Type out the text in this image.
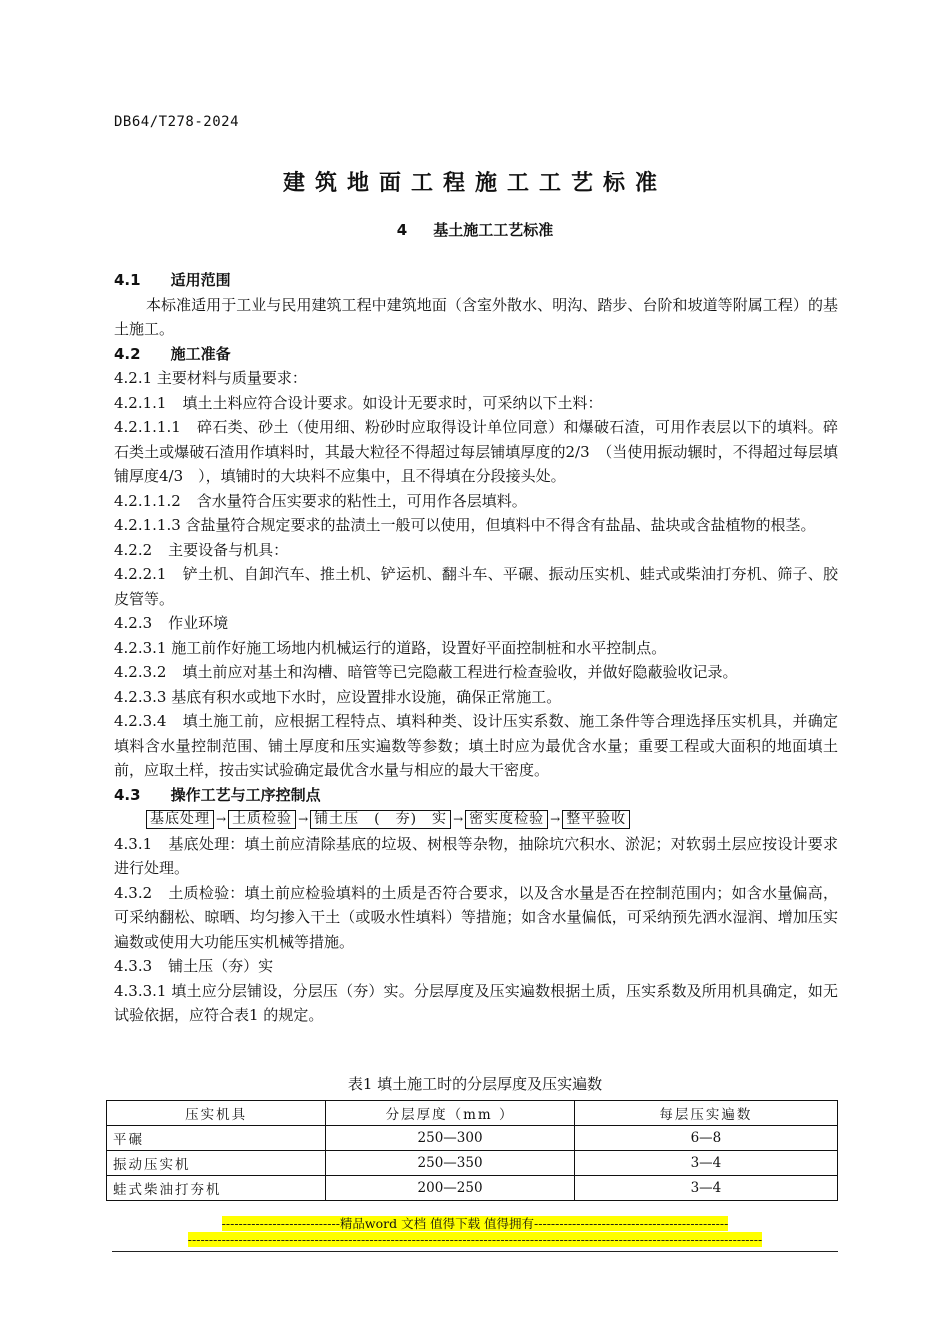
DB64/T278-2024
建筑地面工程施工工艺标准
4 基土施工工艺标准

4.1 适用范围

本标准适用于工业与民用建筑工程中建筑地面（含室外散水、明沟、踏步、台阶和坡道等附属工程）的基土施工。

4.2 施工准备

4.2.1 主要材料与质量要求：

4.2.1.1 填土土料应符合设计要求。如设计无要求时，可采纳以下土料：

4.2.1.1.1 碎石类、砂土（使用细、粉砂时应取得设计单位同意）和爆破石渣，可用作表层以下的填料。碎石类土或爆破石渣用作填料时，其最大粒径不得超过每层铺填厚度的2/3　（当使用振动辗时，不得超过每层填铺厚度4/3　），填铺时的大块料不应集中，且不得填在分段接头处。

4.2.1.1.2 含水量符合压实要求的粘性土，可用作各层填料。

4.2.1.1.3 含盐量符合规定要求的盐渍土一般可以使用，但填料中不得含有盐晶、盐块或含盐植物的根茎。

4.2.2 主要设备与机具：

4.2.2.1 铲土机、自卸汽车、推土机、铲运机、翻斗车、平碾、振动压实机、蛙式或柴油打夯机、筛子、胶皮管等。

4.2.3 作业环境

4.2.3.1 施工前作好施工场地内机械运行的道路，设置好平面控制桩和水平控制点。

4.2.3.2 填土前应对基土和沟槽、暗管等已完隐蔽工程进行检查验收，并做好隐蔽验收记录。

4.2.3.3 基底有积水或地下水时，应设置排水设施，确保正常施工。

4.2.3.4 填土施工前，应根据工程特点、填料种类、设计压实系数、施工条件等合理选择压实机具，并确定填料含水量控制范围、铺土厚度和压实遍数等参数；填土时应为最优含水量；重要工程或大面积的地面填土前，应取土样，按击实试验确定最优含水量与相应的最大干密度。

4.3 操作工艺与工序控制点

基底处理 → 土质检验 → 铺土压　(　夯)　实 → 密实度检验 → 整平验收

4.3.1 基底处理：填土前应清除基底的垃圾、树根等杂物，抽除坑穴积水、淤泥；对软弱土层应按设计要求进行处理。

4.3.2 土质检验：填土前应检验填料的土质是否符合要求，以及含水量是否在控制范围内；如含水量偏高，可采纳翻松、晾晒、均匀掺入干土（或吸水性填料）等措施；如含水量偏低，可采纳预先洒水湿润、增加压实遍数或使用大功能压实机械等措施。

4.3.3 铺土压（夯）实

4.3.3.1 填土应分层铺设，分层压（夯）实。分层厚度及压实遍数根据土质，压实系数及所用机具确定，如无试验依据，应符合表1 的规定。

表1 填土施工时的分层厚度及压实遍数
压实机具	分层厚度（mm ）	每层压实遍数
平碾	250—300	6—8
振动压实机	250—350	3—4
蛙式柴油打夯机	200—250	3—4
----------------------------精品word 文档 值得下载 值得拥有----------------------------------------------
----------------------------------------------------------------------------------------------------------------------------------------
